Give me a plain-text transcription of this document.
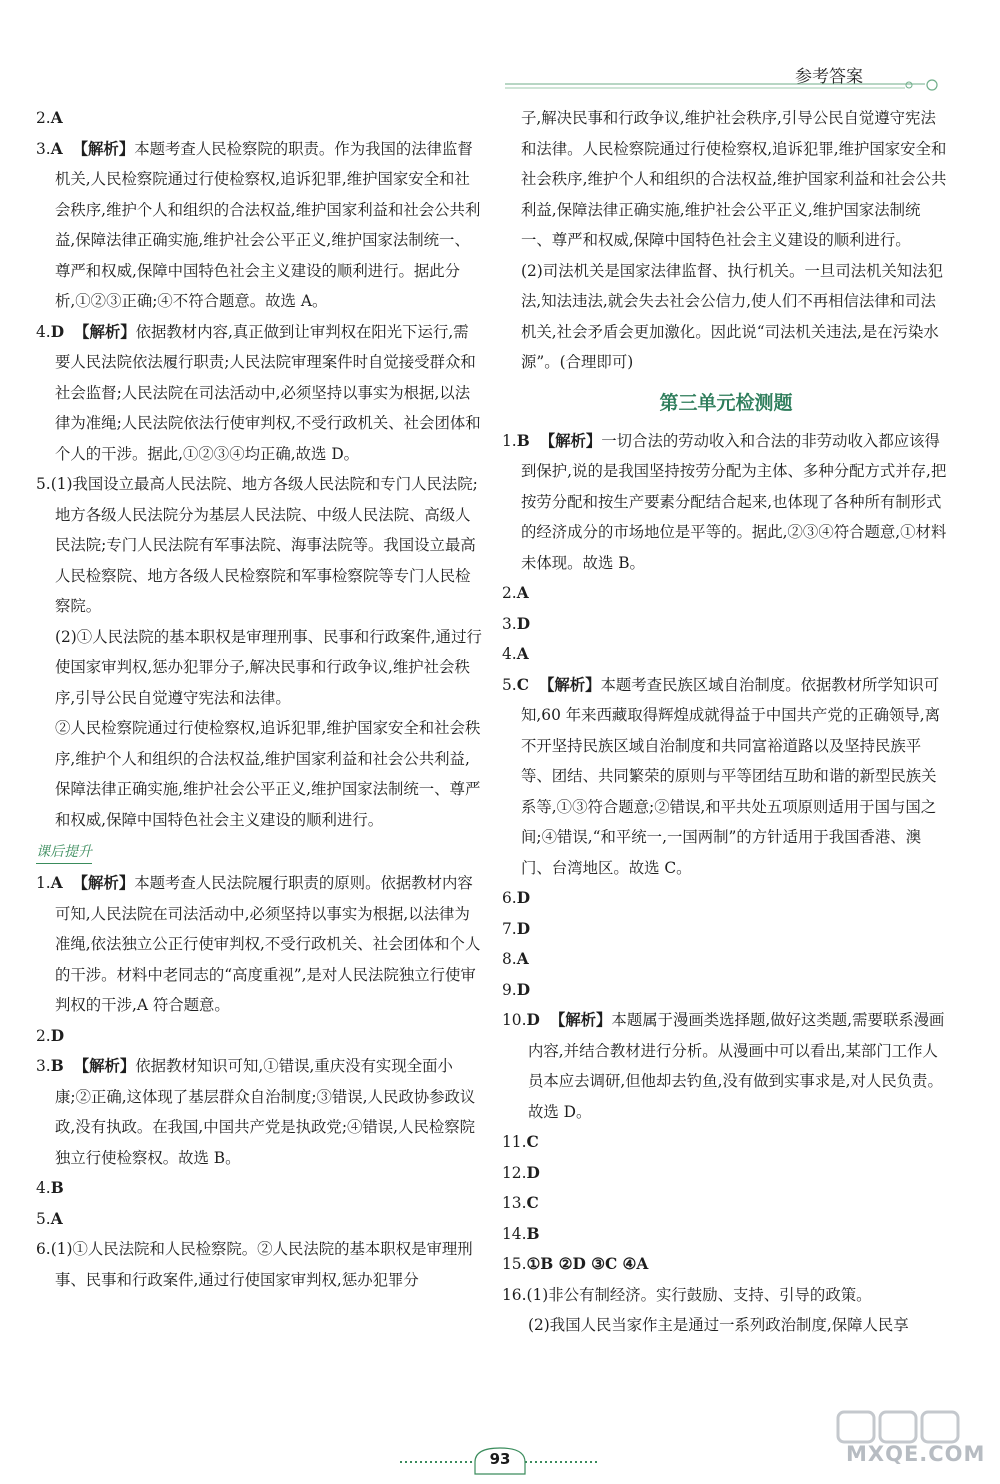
参考答案

2.A

3.A 【解析】本题考查人民检察院的职责。作为我国的法律监督机关,人民检察院通过行使检察权,追诉犯罪,维护国家安全和社会秩序,维护个人和组织的合法权益,维护国家利益和社会公共利益,保障法律正确实施,维护社会公平正义,维护国家法制统一、尊严和权威,保障中国特色社会主义建设的顺利进行。据此分析,①②③正确;④不符合题意。故选 A。

4.D 【解析】依据教材内容,真正做到让审判权在阳光下运行,需要人民法院依法履行职责;人民法院审理案件时自觉接受群众和社会监督;人民法院在司法活动中,必须坚持以事实为根据,以法律为准绳;人民法院依法行使审判权,不受行政机关、社会团体和个人的干涉。据此,①②③④均正确,故选 D。

5.(1)我国设立最高人民法院、地方各级人民法院和专门人民法院;地方各级人民法院分为基层人民法院、中级人民法院、高级人民法院;专门人民法院有军事法院、海事法院等。我国设立最高人民检察院、地方各级人民检察院和军事检察院等专门人民检察院。

(2)①人民法院的基本职权是审理刑事、民事和行政案件,通过行使国家审判权,惩办犯罪分子,解决民事和行政争议,维护社会秩序,引导公民自觉遵守宪法和法律。

②人民检察院通过行使检察权,追诉犯罪,维护国家安全和社会秩序,维护个人和组织的合法权益,维护国家利益和社会公共利益,保障法律正确实施,维护社会公平正义,维护国家法制统一、尊严和权威,保障中国特色社会主义建设的顺利进行。

课后提升

1.A 【解析】本题考查人民法院履行职责的原则。依据教材内容可知,人民法院在司法活动中,必须坚持以事实为根据,以法律为准绳,依法独立公正行使审判权,不受行政机关、社会团体和个人的干涉。材料中老同志的“高度重视”,是对人民法院独立行使审判权的干涉,A 符合题意。

2.D

3.B 【解析】依据教材知识可知,①错误,重庆没有实现全面小康;②正确,这体现了基层群众自治制度;③错误,人民政协参政议政,没有执政。在我国,中国共产党是执政党;④错误,人民检察院独立行使检察权。故选 B。

4.B

5.A

6.(1)①人民法院和人民检察院。②人民法院的基本职权是审理刑事、民事和行政案件,通过行使国家审判权,惩办犯罪分

子,解决民事和行政争议,维护社会秩序,引导公民自觉遵守宪法和法律。人民检察院通过行使检察权,追诉犯罪,维护国家安全和社会秩序,维护个人和组织的合法权益,维护国家利益和社会公共利益,保障法律正确实施,维护社会公平正义,维护国家法制统一、尊严和权威,保障中国特色社会主义建设的顺利进行。

(2)司法机关是国家法律监督、执行机关。一旦司法机关知法犯法,知法违法,就会失去社会公信力,使人们不再相信法律和司法机关,社会矛盾会更加激化。因此说“司法机关违法,是在污染水源”。(合理即可)

第三单元检测题

1.B 【解析】一切合法的劳动收入和合法的非劳动收入都应该得到保护,说的是我国坚持按劳分配为主体、多种分配方式并存,把按劳分配和按生产要素分配结合起来,也体现了各种所有制形式的经济成分的市场地位是平等的。据此,②③④符合题意,①材料未体现。故选 B。

2.A

3.D

4.A

5.C 【解析】本题考查民族区域自治制度。依据教材所学知识可知,60 年来西藏取得辉煌成就得益于中国共产党的正确领导,离不开坚持民族区域自治制度和共同富裕道路以及坚持民族平等、团结、共同繁荣的原则与平等团结互助和谐的新型民族关系等,①③符合题意;②错误,和平共处五项原则适用于国与国之间;④错误,“和平统一,一国两制”的方针适用于我国香港、澳门、台湾地区。故选 C。

6.D

7.D

8.A

9.D

10.D 【解析】本题属于漫画类选择题,做好这类题,需要联系漫画内容,并结合教材进行分析。从漫画中可以看出,某部门工作人员本应去调研,但他却去钓鱼,没有做到实事求是,对人民负责。故选 D。

11.C

12.D

13.C

14.B

15.①B ②D ③C ④A

16.(1)非公有制经济。实行鼓励、支持、引导的政策。

(2)我国人民当家作主是通过一系列政治制度,保障人民享

93	MXQE.COM
